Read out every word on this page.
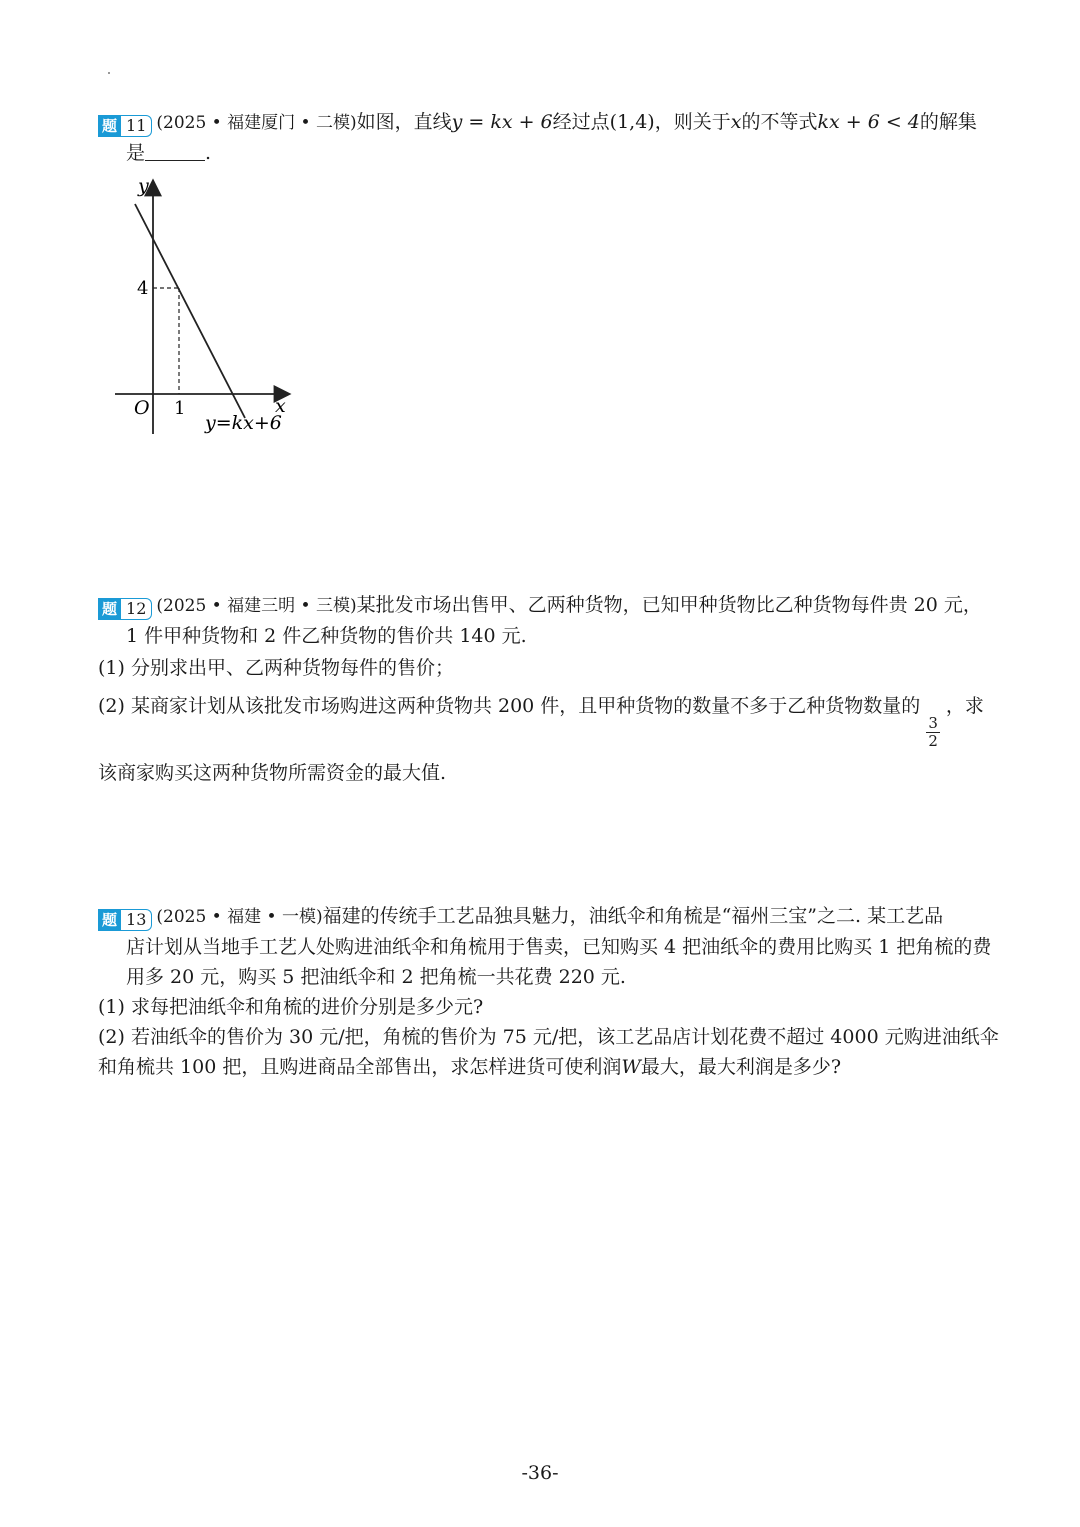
题 11 (2025 • 福建厦门 • 二模)如图，直线y = kx + 6经过点(1,4)，则关于x的不等式kx + 6 < 4的解集
是	.
y
x
O
4
1
y=kx+6
题 12 (2025 • 福建三明 • 三模)某批发市场出售甲、乙两种货物，已知甲种货物比乙种货物每件贵 20 元，
1 件甲种货物和 2 件乙种货物的售价共 140 元.
(1) 分别求出甲、乙两种货物每件的售价；
(2) 某商家计划从该批发市场购进这两种货物共 200 件，且甲种货物的数量不多于乙种货物数量的
$\frac{3}{2}$
，求
该商家购买这两种货物所需资金的最大值.
题 13 (2025 • 福建 • 一模)福建的传统手工艺品独具魅力，油纸伞和角梳是“福州三宝”之二. 某工艺品
店计划从当地手工艺人处购进油纸伞和角梳用于售卖，已知购买 4 把油纸伞的费用比购买 1 把角梳的费
用多 20 元，购买 5 把油纸伞和 2 把角梳一共花费 220 元.
(1) 求每把油纸伞和角梳的进价分别是多少元?
(2) 若油纸伞的售价为 30 元/把，角梳的售价为 75 元/把，该工艺品店计划花费不超过 4000 元购进油纸伞
和角梳共 100 把，且购进商品全部售出，求怎样进货可使利润W最大，最大利润是多少?
-36-
